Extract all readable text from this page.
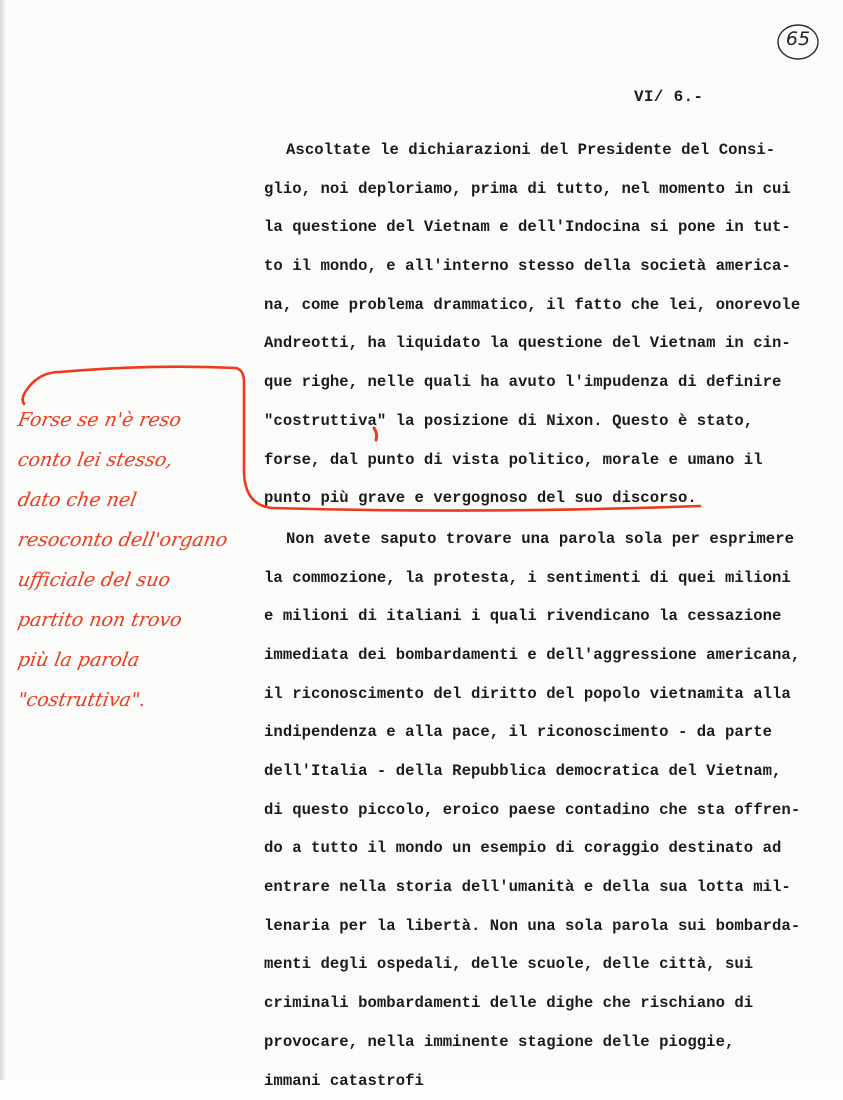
65
VI/ 6.-
Ascoltate le dichiarazioni del Presidente del Consi-
glio, noi deploriamo, prima di tutto, nel momento in cui
la questione del Vietnam e dell'Indocina si pone in tut-
to il mondo, e all'interno stesso della società america-
na, come problema drammatico, il fatto che lei, onorevole
Andreotti, ha liquidato la questione del Vietnam in cin-
que righe, nelle quali ha avuto l'impudenza di definire
"costruttiva" la posizione di Nixon. Questo è stato,
forse, dal punto di vista politico, morale e umano il
punto più grave e vergognoso del suo discorso.
Non avete saputo trovare una parola sola per esprimere
la commozione, la protesta, i sentimenti di quei milioni
e milioni di italiani i quali rivendicano la cessazione
immediata dei bombardamenti e dell'aggressione americana,
il riconoscimento del diritto del popolo vietnamita alla
indipendenza e alla pace, il riconoscimento - da parte
dell'Italia - della Repubblica democratica del Vietnam,
di questo piccolo, eroico paese contadino che sta offren-
do a tutto il mondo un esempio di coraggio destinato ad
entrare nella storia dell'umanità e della sua lotta mil-
lenaria per la libertà. Non una sola parola sui bombarda-
menti degli ospedali, delle scuole, delle città, sui
criminali bombardamenti delle dighe che rischiano di
provocare, nella imminente stagione delle pioggie,
immani catastrofi
Forse se n'è reso
conto lei stesso,
dato che nel
resoconto dell'organo
ufficiale del suo
partito non trovo
più la parola
"costruttiva".
